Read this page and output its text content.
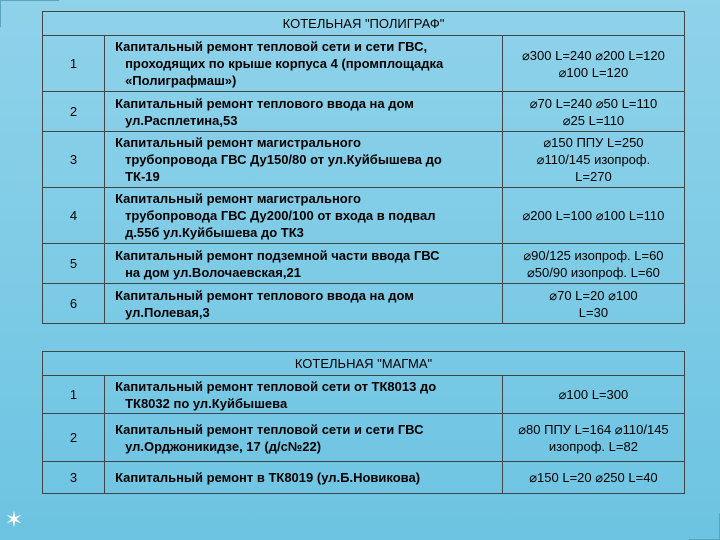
✶
КОТЕЛЬНАЯ "ПОЛИГРАФ"		
1	Капитальный ремонт тепловой сети и сети ГВС,
проходящих по крыше корпуса 4 (промплощадка
«Полиграфмаш»)	⌀300 L=240 ⌀200 L=120
⌀100 L=120

2	Капитальный ремонт теплового ввода на дом
ул.Расплетина,53	⌀70 L=240 ⌀50 L=110
⌀25 L=110

3	Капитальный ремонт магистрального
трубопровода ГВС Ду150/80 от ул.Куйбышева до
ТК-19	⌀150 ППУ L=250
⌀110/145 изопроф.
L=270

4	Капитальный ремонт магистрального
трубопровода ГВС Ду200/100 от входа в подвал
д.55б ул.Куйбышева до ТК3	⌀200 L=100 ⌀100 L=110

5	Капитальный ремонт подземной части ввода ГВС
на дом ул.Волочаевская,21	⌀90/125 изопроф. L=60
⌀50/90 изопроф. L=60

6	Капитальный ремонт теплового ввода на дом
ул.Полевая,3	⌀70 L=20 ⌀100
L=30
КОТЕЛЬНАЯ "МАГМА"		
1	Капитальный ремонт тепловой сети от ТК8013 до
ТК8032 по ул.Куйбышева	⌀100 L=300

2	Капитальный ремонт тепловой сети и сети ГВС
ул.Орджоникидзе, 17 (д/с№22)	⌀80 ППУ L=164 ⌀110/145
изопроф. L=82

3	Капитальный ремонт в ТК8019 (ул.Б.Новикова)	⌀150 L=20 ⌀250 L=40
